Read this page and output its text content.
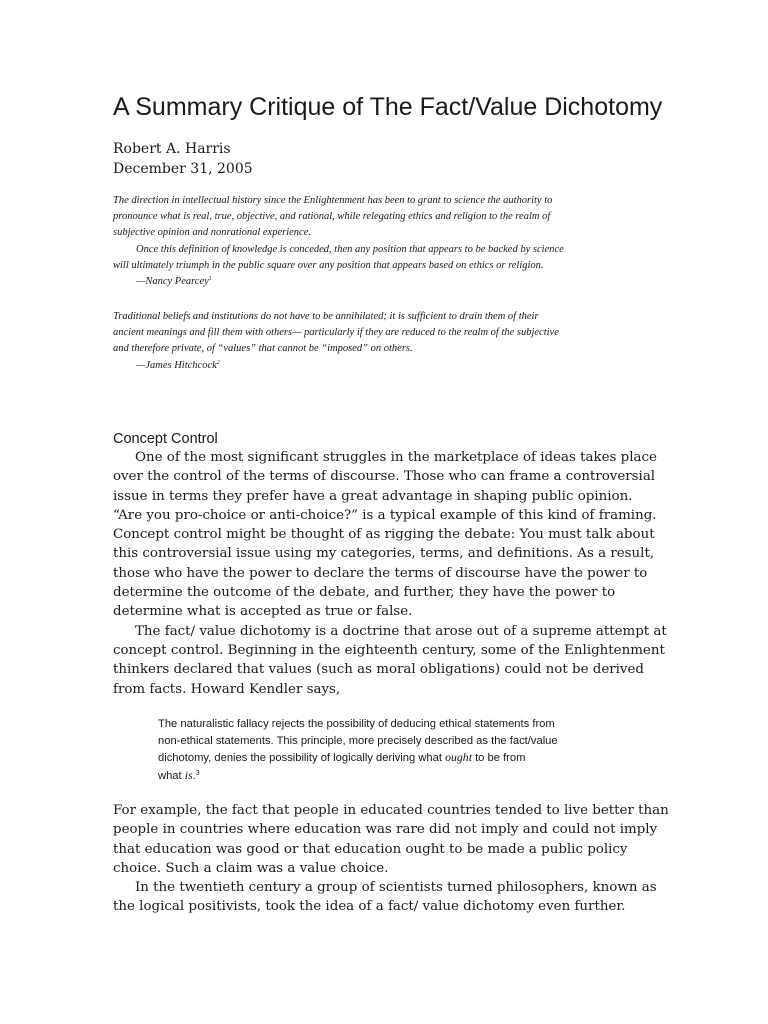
A Summary Critique of The Fact/Value Dichotomy
Robert A. Harris
December 31, 2005
The direction in intellectual history since the Enlightenment has been to grant to science the authority to
pronounce what is real, true, objective, and rational, while relegating ethics and religion to the realm of
subjective opinion and nonrational experience.
Once this definition of knowledge is conceded, then any position that appears to be backed by science
will ultimately triumph in the public square over any position that appears based on ethics or religion.
—Nancy Pearcey$^1$
Traditional beliefs and institutions do not have to be annihilated; it is sufficient to drain them of their
ancient meanings and fill them with others— particularly if they are reduced to the realm of the subjective
and therefore private, of “values” that cannot be “imposed” on others.
—James Hitchcock$^2$
Concept Control
One of the most significant struggles in the marketplace of ideas takes place
over the control of the terms of discourse. Those who can frame a controversial
issue in terms they prefer have a great advantage in shaping public opinion.
“Are you pro-choice or anti-choice?” is a typical example of this kind of framing.
Concept control might be thought of as rigging the debate: You must talk about
this controversial issue using my categories, terms, and definitions. As a result,
those who have the power to declare the terms of discourse have the power to
determine the outcome of the debate, and further, they have the power to
determine what is accepted as true or false.
The fact/ value dichotomy is a doctrine that arose out of a supreme attempt at
concept control. Beginning in the eighteenth century, some of the Enlightenment
thinkers declared that values (such as moral obligations) could not be derived
from facts. Howard Kendler says,
The naturalistic fallacy rejects the possibility of deducing ethical statements from
non-ethical statements. This principle, more precisely described as the fact/value
dichotomy, denies the possibility of logically deriving what ought to be from
what is.$^3$
For example, the fact that people in educated countries tended to live better than
people in countries where education was rare did not imply and could not imply
that education was good or that education ought to be made a public policy
choice. Such a claim was a value choice.
In the twentieth century a group of scientists turned philosophers, known as
the logical positivists, took the idea of a fact/ value dichotomy even further.
